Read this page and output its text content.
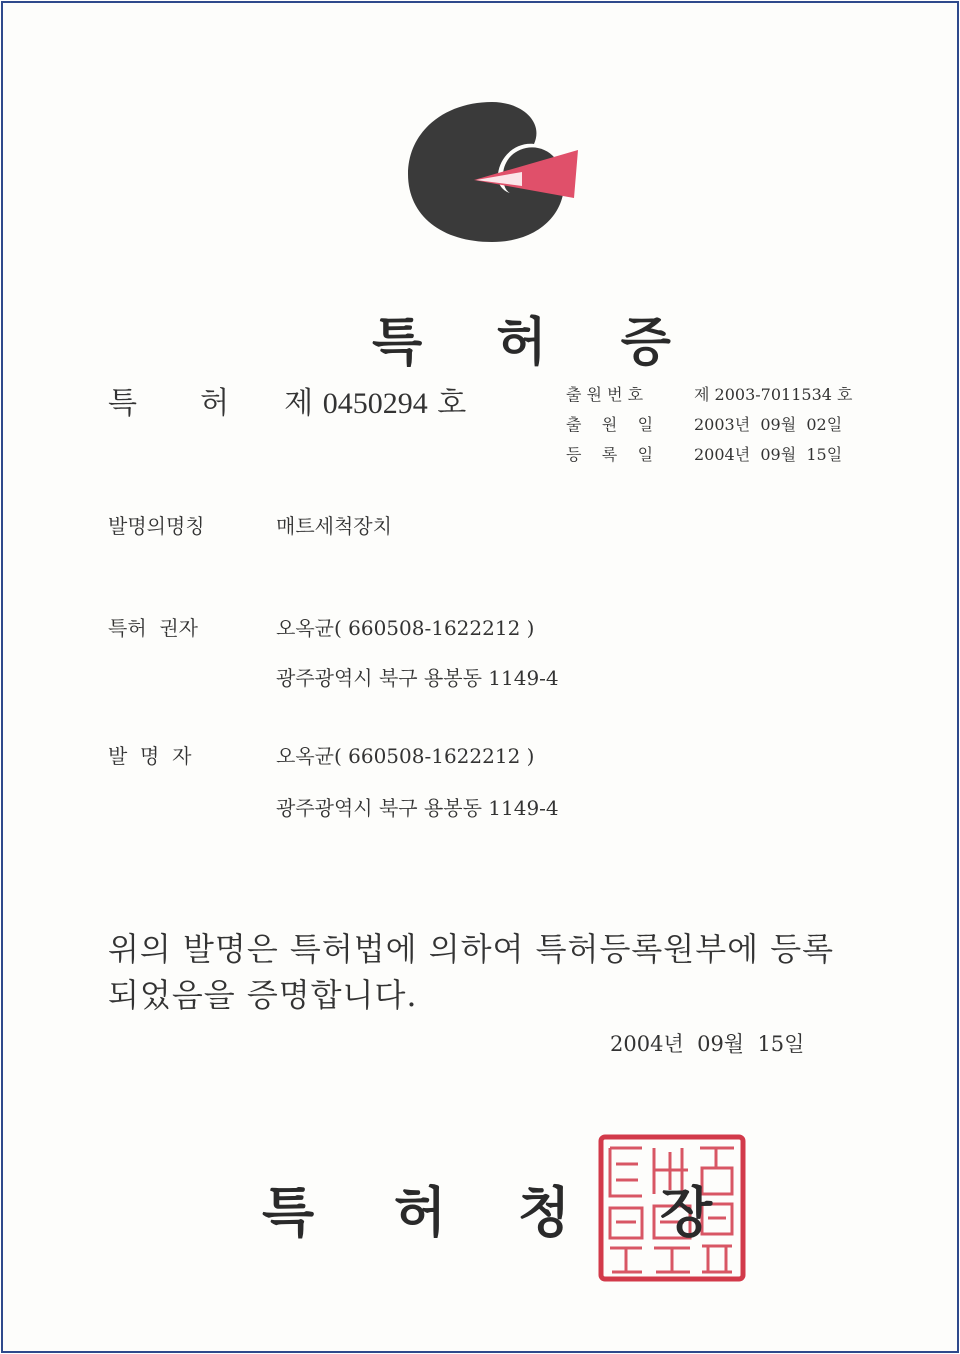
특 허 증
특 허 제 0450294 호	출 원 번 호	제 2003-7011534 호
출    원    일	2003년  09월  02일
등    록    일	2004년  09월  15일
발명의명칭	매트세척장치
특허  권자	오옥균( 660508-1622212 )
광주광역시 북구 용봉동 1149-4
발  명  자	오옥균( 660508-1622212 )
광주광역시 북구 용봉동 1149-4
위의 발명은 특허법에 의하여 특허등록원부에 등록
되었음을 증명합니다.
2004년  09월  15일
특 허 청 장
